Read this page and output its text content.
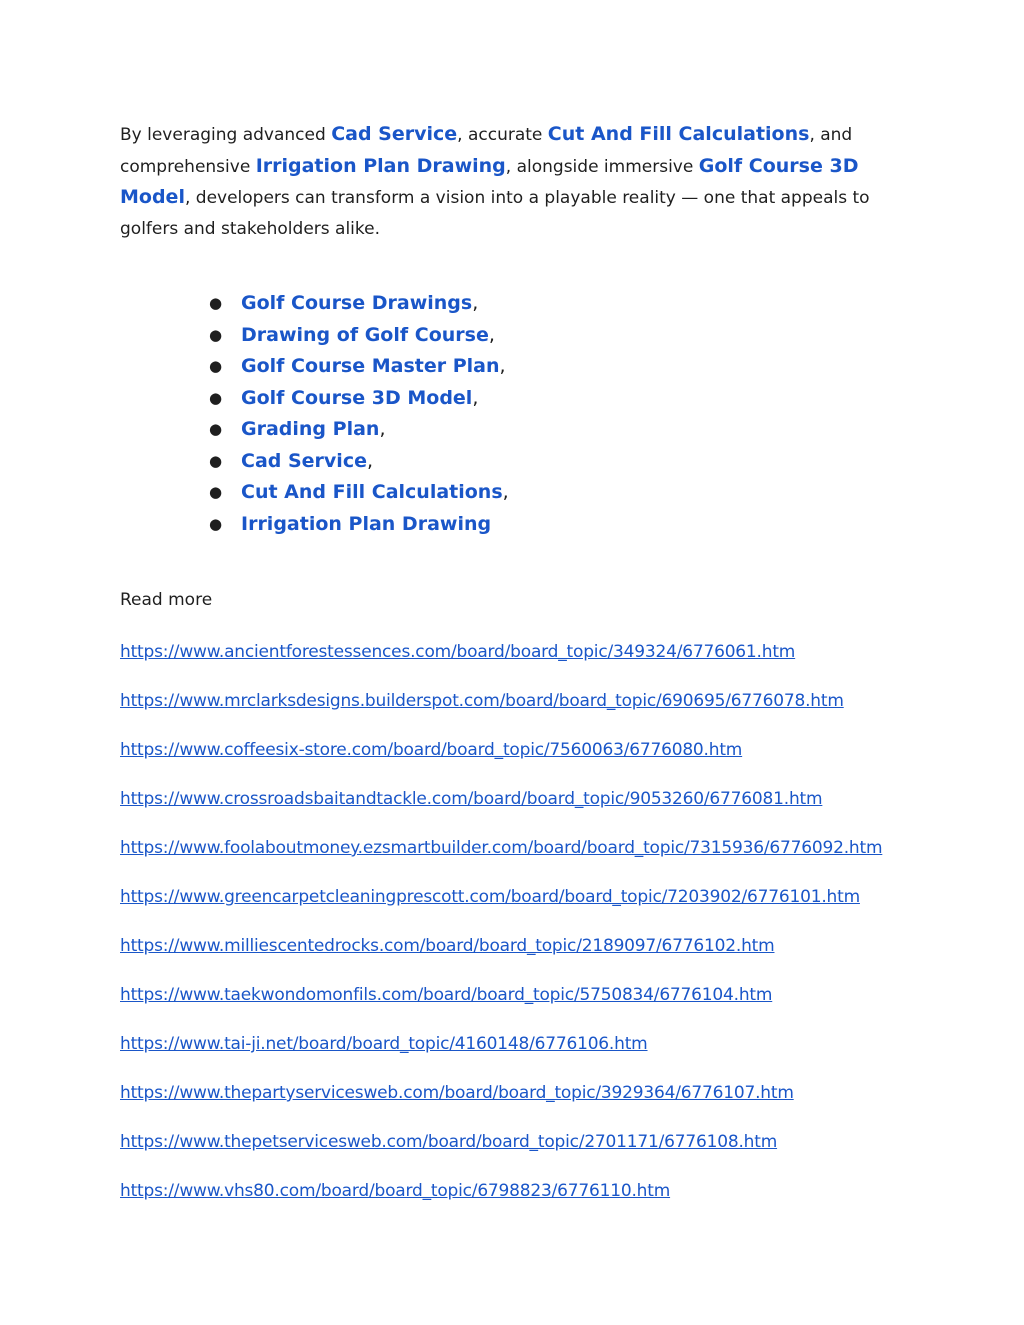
By leveraging advanced Cad Service, accurate Cut And Fill Calculations, and comprehensive Irrigation Plan Drawing, alongside immersive Golf Course 3D Model, developers can transform a vision into a playable reality — one that appeals to golfers and stakeholders alike.

● Golf Course Drawings,
● Drawing of Golf Course,
● Golf Course Master Plan,
● Golf Course 3D Model,
● Grading Plan,
● Cad Service,
● Cut And Fill Calculations,
● Irrigation Plan Drawing

Read more

https://www.ancientforestessences.com/board/board_topic/349324/6776061.htm
https://www.mrclarksdesigns.builderspot.com/board/board_topic/690695/6776078.htm
https://www.coffeesix-store.com/board/board_topic/7560063/6776080.htm
https://www.crossroadsbaitandtackle.com/board/board_topic/9053260/6776081.htm
https://www.foolaboutmoney.ezsmartbuilder.com/board/board_topic/7315936/6776092.htm
https://www.greencarpetcleaningprescott.com/board/board_topic/7203902/6776101.htm
https://www.milliescentedrocks.com/board/board_topic/2189097/6776102.htm
https://www.taekwondomonfils.com/board/board_topic/5750834/6776104.htm
https://www.tai-ji.net/board/board_topic/4160148/6776106.htm
https://www.thepartyservicesweb.com/board/board_topic/3929364/6776107.htm
https://www.thepetservicesweb.com/board/board_topic/2701171/6776108.htm
https://www.vhs80.com/board/board_topic/6798823/6776110.htm
